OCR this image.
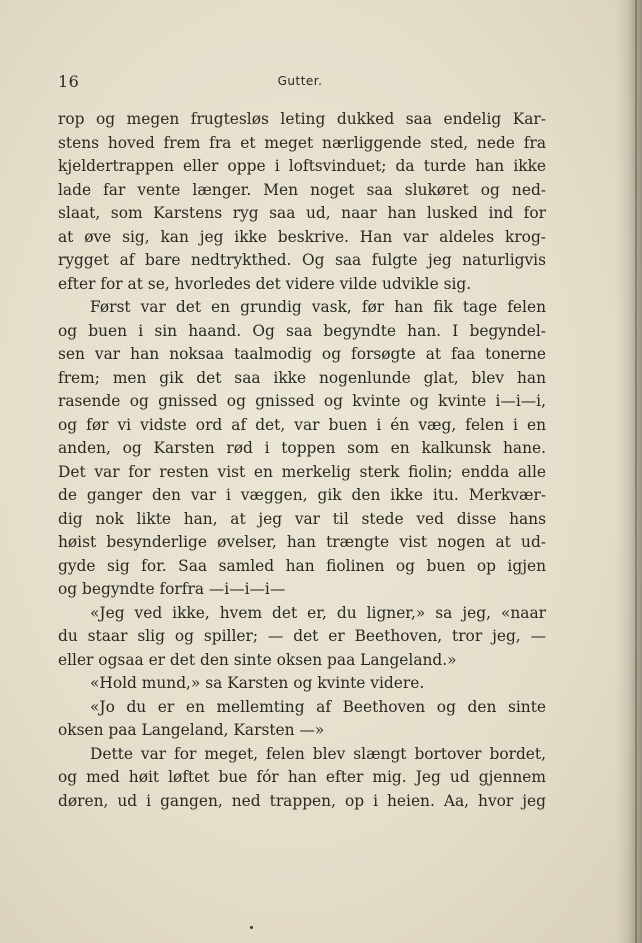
16	Gutter.
rop og megen frugtesløs leting dukked saa endelig Kar-
stens hoved frem fra et meget nærliggende sted, nede fra
kjeldertrappen eller oppe i loftsvinduet; da turde han ikke
lade far vente længer. Men noget saa slukøret og ned-
slaat, som Karstens ryg saa ud, naar han lusked ind for
at øve sig, kan jeg ikke beskrive. Han var aldeles krog-
rygget af bare nedtrykthed. Og saa fulgte jeg naturligvis
efter for at se, hvorledes det videre vilde udvikle sig.
Først var det en grundig vask, før han fik tage felen
og buen i sin haand. Og saa begyndte han. I begyndel-
sen var han noksaa taalmodig og forsøgte at faa tonerne
frem; men gik det saa ikke nogenlunde glat, blev han
rasende og gnissed og gnissed og kvinte og kvinte i—i—i,
og før vi vidste ord af det, var buen i én væg, felen i en
anden, og Karsten rød i toppen som en kalkunsk hane.
Det var for resten vist en merkelig sterk fiolin; endda alle
de ganger den var i væggen, gik den ikke itu. Merkvær-
dig nok likte han, at jeg var til stede ved disse hans
høist besynderlige øvelser, han trængte vist nogen at ud-
gyde sig for. Saa samled han fiolinen og buen op igjen
og begyndte forfra —i—i—i—
«Jeg ved ikke, hvem det er, du ligner,» sa jeg, «naar
du staar slig og spiller; — det er Beethoven, tror jeg, —
eller ogsaa er det den sinte oksen paa Langeland.»
«Hold mund,» sa Karsten og kvinte videre.
«Jo du er en mellemting af Beethoven og den sinte
oksen paa Langeland, Karsten —»
Dette var for meget, felen blev slængt bortover bordet,
og med høit løftet bue fór han efter mig. Jeg ud gjennem
døren, ud i gangen, ned trappen, op i heien. Aa, hvor jeg
